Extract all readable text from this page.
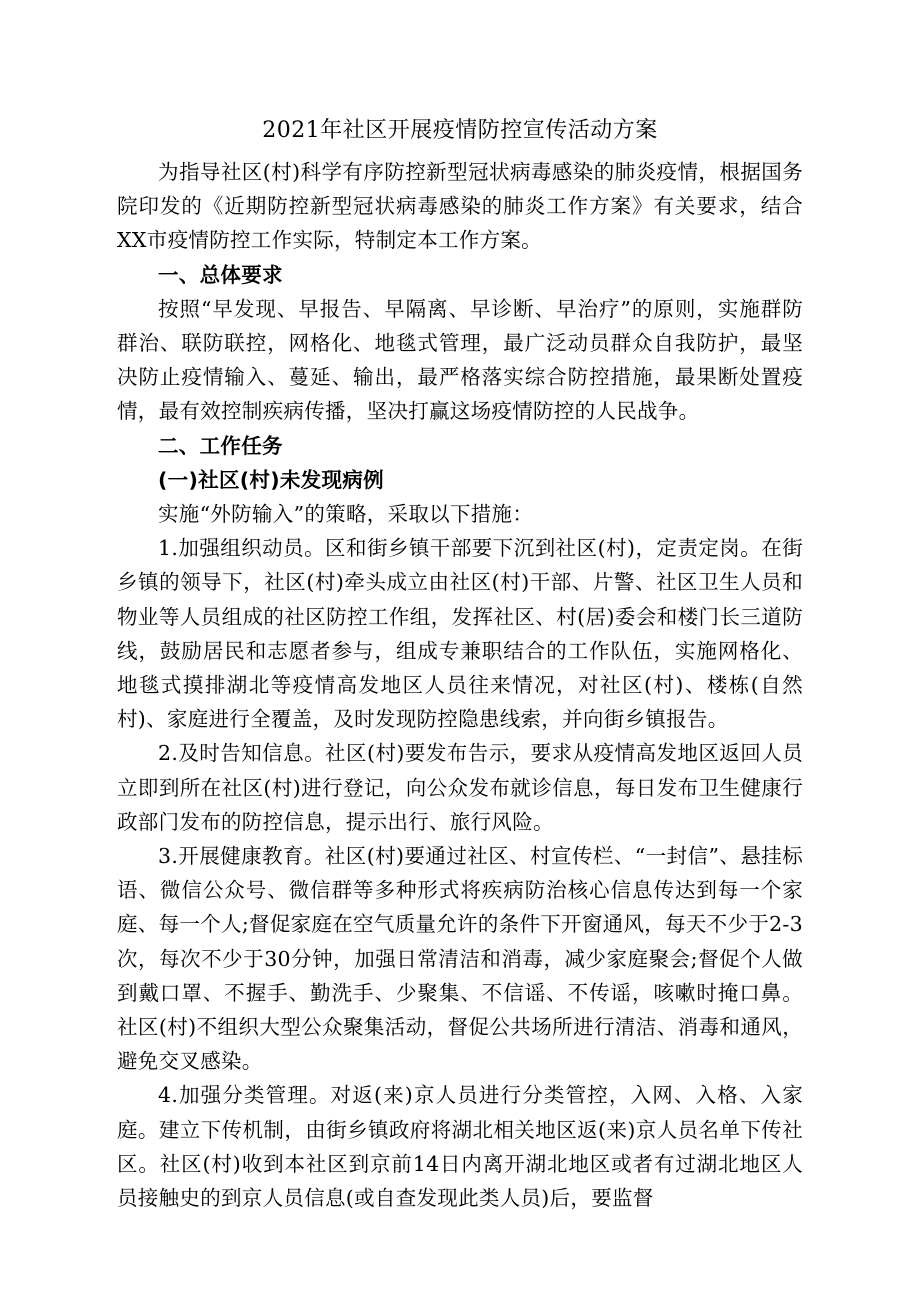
2021年社区开展疫情防控宣传活动方案

为指导社区(村)科学有序防控新型冠状病毒感染的肺炎疫情，根据国务院印发的《近期防控新型冠状病毒感染的肺炎工作方案》有关要求，结合XX市疫情防控工作实际，特制定本工作方案。

一、总体要求

按照“早发现、早报告、早隔离、早诊断、早治疗”的原则，实施群防群治、联防联控，网格化、地毯式管理，最广泛动员群众自我防护，最坚决防止疫情输入、蔓延、输出，最严格落实综合防控措施，最果断处置疫情，最有效控制疾病传播，坚决打赢这场疫情防控的人民战争。

二、工作任务

(一)社区(村)未发现病例

实施“外防输入”的策略，采取以下措施：

1.加强组织动员。区和街乡镇干部要下沉到社区(村)，定责定岗。在街乡镇的领导下，社区(村)牵头成立由社区(村)干部、片警、社区卫生人员和物业等人员组成的社区防控工作组，发挥社区、村(居)委会和楼门长三道防线，鼓励居民和志愿者参与，组成专兼职结合的工作队伍，实施网格化、地毯式摸排湖北等疫情高发地区人员往来情况，对社区(村)、楼栋(自然村)、家庭进行全覆盖，及时发现防控隐患线索，并向街乡镇报告。

2.及时告知信息。社区(村)要发布告示，要求从疫情高发地区返回人员立即到所在社区(村)进行登记，向公众发布就诊信息，每日发布卫生健康行政部门发布的防控信息，提示出行、旅行风险。

3.开展健康教育。社区(村)要通过社区、村宣传栏、“一封信”、悬挂标语、微信公众号、微信群等多种形式将疾病防治核心信息传达到每一个家庭、每一个人;督促家庭在空气质量允许的条件下开窗通风，每天不少于2-3次，每次不少于30分钟，加强日常清洁和消毒，减少家庭聚会;督促个人做到戴口罩、不握手、勤洗手、少聚集、不信谣、不传谣，咳嗽时掩口鼻。社区(村)不组织大型公众聚集活动，督促公共场所进行清洁、消毒和通风，避免交叉感染。

4.加强分类管理。对返(来)京人员进行分类管控，入网、入格、入家庭。建立下传机制，由街乡镇政府将湖北相关地区返(来)京人员名单下传社区。社区(村)收到本社区到京前14日内离开湖北地区或者有过湖北地区人员接触史的到京人员信息(或自查发现此类人员)后，要监督
